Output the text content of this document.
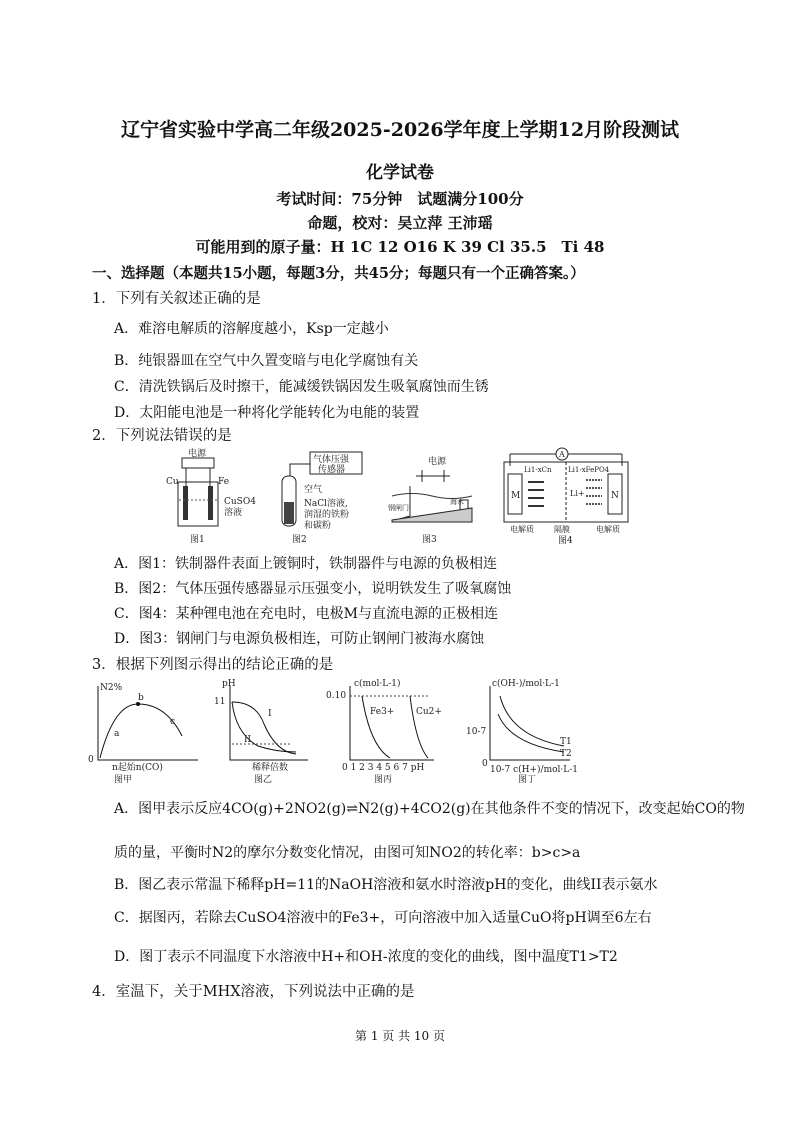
辽宁省实验中学高二年级2025-2026学年度上学期12月阶段测试
化学试卷
考试时间：75分钟　试题满分100分
命题，校对：吴立萍 王沛瑶
可能用到的原子量：H 1C 12 O16 K 39 Cl 35.5　Ti 48
一、选择题（本题共15小题，每题3分，共45分；每题只有一个正确答案。）
1．下列有关叙述正确的是
A．难溶电解质的溶解度越小，Ksp一定越小
B．纯银器皿在空气中久置变暗与电化学腐蚀有关
C．清洗铁锅后及时擦干，能减缓铁锅因发生吸氧腐蚀而生锈
D．太阳能电池是一种将化学能转化为电能的装置
2．下列说法错误的是
电源
Cu	Fe
CuSO4
溶液
图1
气体压强
传感器
空气
NaCl溶液,
润湿的铁粉
和碳粉
图2
电源
钢闸门
海水
图3
A
M	N
Li1-xCn Li1-xFePO4
Li+
电解质	隔膜	电解质
图4
A．图1：铁制器件表面上镀铜时，铁制器件与电源的负极相连
B．图2：气体压强传感器显示压强变小，说明铁发生了吸氧腐蚀
C．图4：某种锂电池在充电时，电极M与直流电源的正极相连
D．图3：钢闸门与电源负极相连，可防止钢闸门被海水腐蚀
3．根据下列图示得出的结论正确的是
N2%
0
b
a
c
n起始n(CO)
图甲
pH
11
I
II
稀释倍数
图乙
c(mol·L-1)
0.10
Fe3+ Cu2+
0 1 2 3 4 5 6 7 pH
图丙
c(OH-)/mol·L-1
10-7
0
T1
T2
10-7 c(H+)/mol·L-1
图丁
A．图甲表示反应4CO(g)+2NO2(g)⇌N2(g)+4CO2(g)在其他条件不变的情况下，改变起始CO的物
质的量，平衡时N2的摩尔分数变化情况，由图可知NO2的转化率：b>c>a
B．图乙表示常温下稀释pH=11的NaOH溶液和氨水时溶液pH的变化，曲线II表示氨水
C．据图丙，若除去CuSO4溶液中的Fe3+，可向溶液中加入适量CuO将pH调至6左右
D．图丁表示不同温度下水溶液中H+和OH-浓度的变化的曲线，图中温度T1>T2
4．室温下，关于MHX溶液，下列说法中正确的是
第 1 页 共 10 页
